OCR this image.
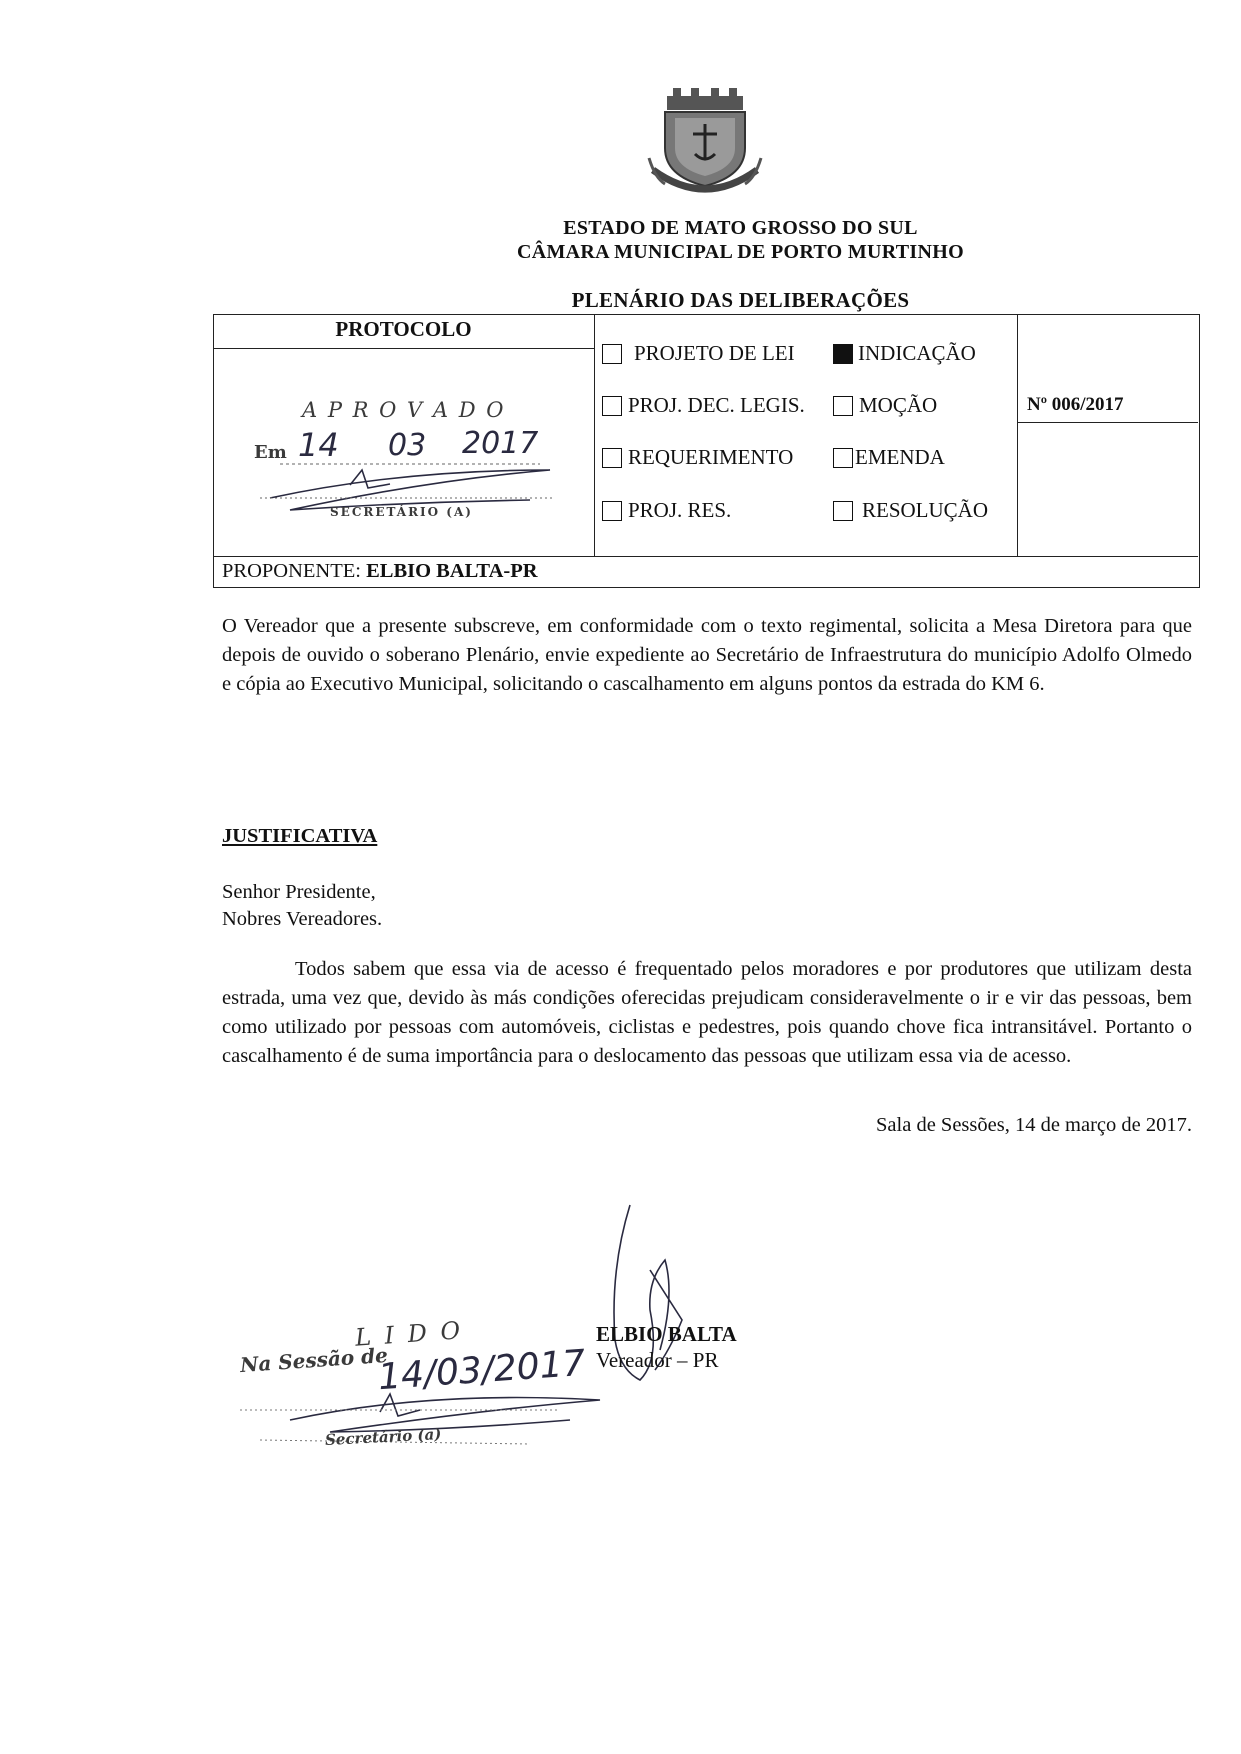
ESTADO DE MATO GROSSO DO SUL
CÂMARA MUNICIPAL DE PORTO MURTINHO
PLENÁRIO DAS DELIBERAÇÕES
PROTOCOLO
PROJETO DE LEI	INDICAÇÃO
PROJ. DEC. LEGIS.	MOÇÃO
REQUERIMENTO	EMENDA
PROJ. RES.	RESOLUÇÃO
Nº 006/2017
PROPONENTE: ELBIO BALTA-PR
A P R O V A D O
Em 14 03 2017
SECRETÁRIO (A)
O Vereador que a presente subscreve, em conformidade com o texto regimental, solicita a Mesa Diretora para que depois de ouvido o soberano Plenário, envie expediente ao Secretário de Infraestrutura do município Adolfo Olmedo e cópia ao Executivo Municipal, solicitando o cascalhamento em alguns pontos da estrada do KM 6.
JUSTIFICATIVA
Senhor Presidente,
Nobres Vereadores.
Todos sabem que essa via de acesso é frequentado pelos moradores e por produtores que utilizam desta estrada, uma vez que, devido às más condições oferecidas prejudicam consideravelmente o ir e vir das pessoas, bem como utilizado por pessoas com automóveis, ciclistas e pedestres, pois quando chove fica intransitável. Portanto o cascalhamento é de suma importância para o deslocamento das pessoas que utilizam essa via de acesso.
Sala de Sessões, 14 de março de 2017.
ELBIO BALTA
Vereador – PR
L I D O
Na Sessão de
14/03/2017
Secretário (a)
